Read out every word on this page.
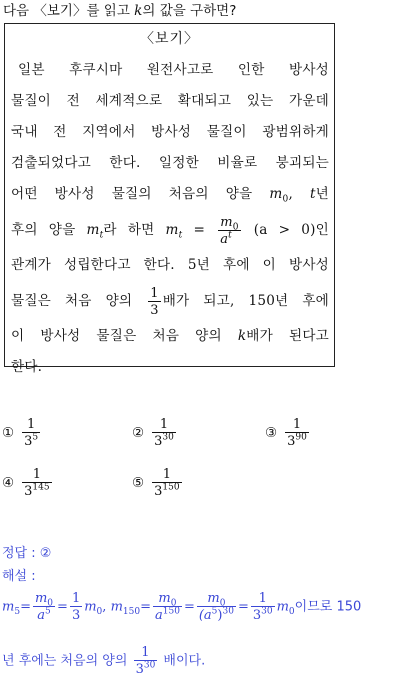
다음 〈보기〉를 읽고 k의 값을 구하면?
〈보기〉
 일본 후쿠시마 원전사고로 인한 방사성
물질이 전 세계적으로 확대되고 있는 가운데
국내 전 지역에서 방사성 물질이 광범위하게
검출되었다고 한다. 일정한 비율로 붕괴되는
어떤 방사성 물질의 처음의 양을 $m_0$, t년
후의 양을 $m_t$라 하면 $m_t = \frac{m_0}{a^t} (a > 0)$인
관계가 성립한다고 한다. 5년 후에 이 방사성
물질은 처음 양의 $\frac{1}{3}$ 배가 되고, 150년 후에
이 방사성 물질은 처음 양의 k배가 된다고
한다.
① $\frac{1}{3^5}$	② $\frac{1}{3^{30}}$	③ $\frac{1}{3^{90}}$
④ $\frac{1}{3^{145}}$	⑤ $\frac{1}{3^{150}}$
정답 : ②
해설 :
$m_5= \frac{m_0}{a^5} = \frac{1}{3} m_0$, $m_{150}= \frac{m_0}{a^{150}} = \frac{m_0}{(a^5)^{30}} = \frac{1}{3^{30}} m_0$이므로 150
년 후에는 처음의 양의 $\frac{1}{3^{30}}$ 배이다.
